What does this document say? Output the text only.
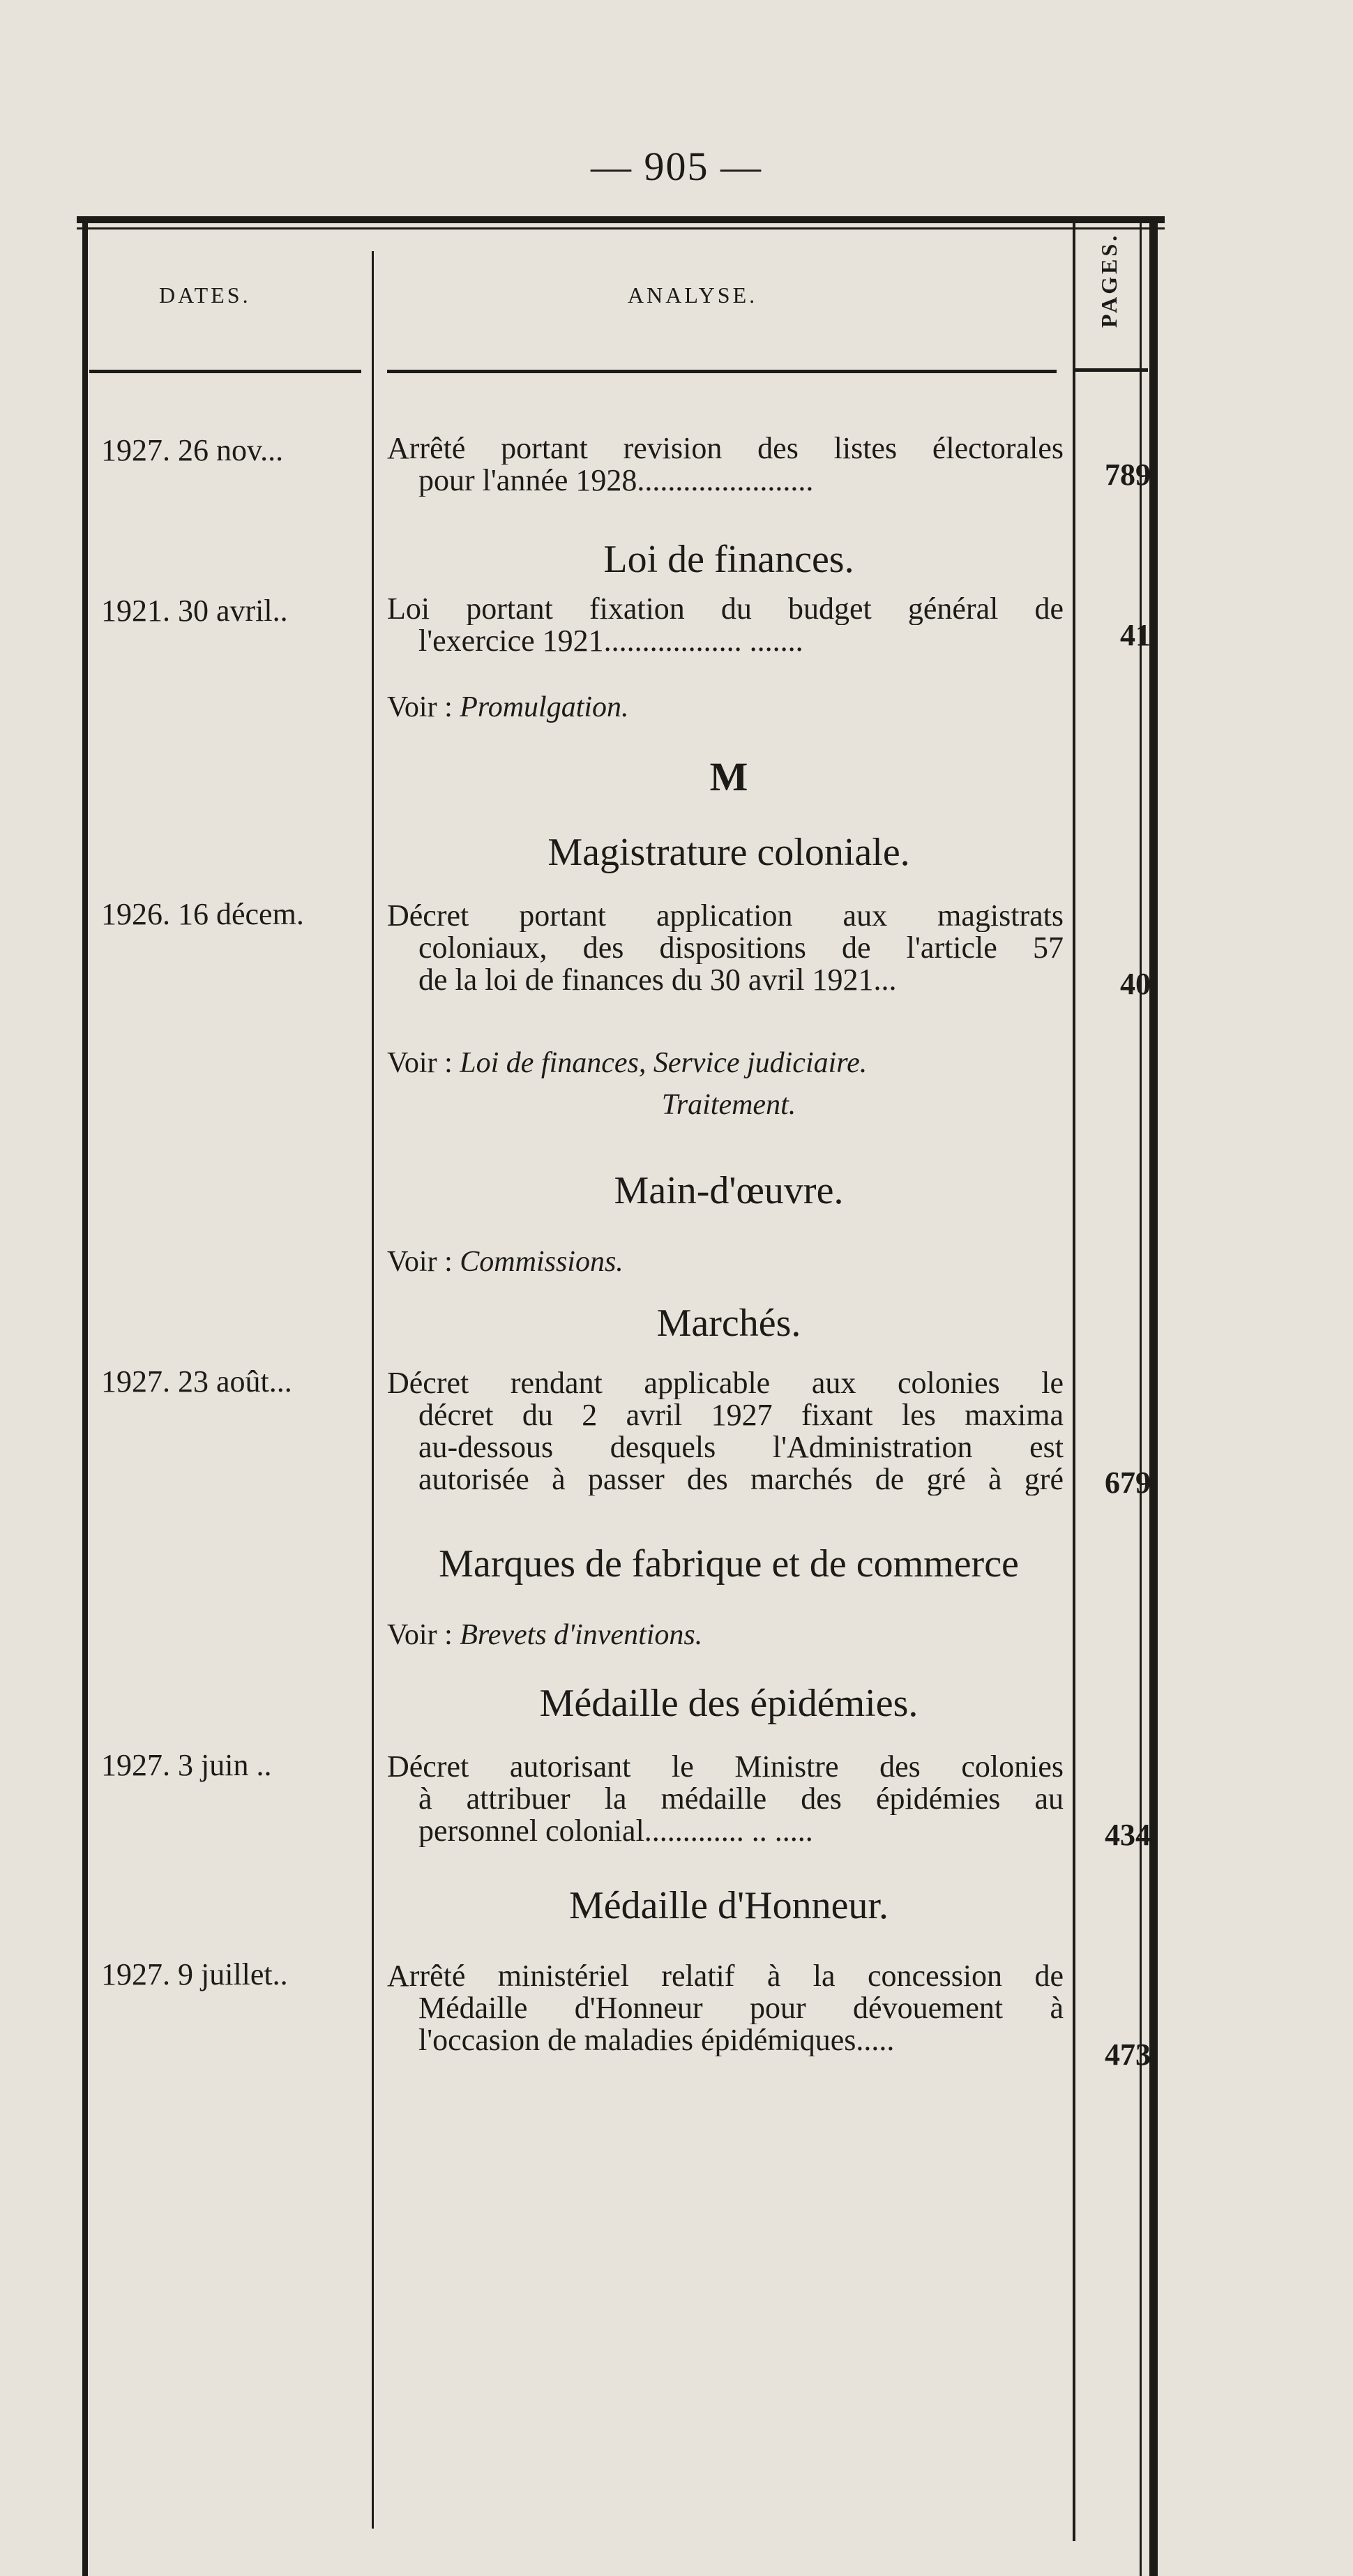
— 905 —
DATES.	ANALYSE.	PAGES.
1927. 26 nov...	Arrêté portant revision des listes électorales
pour l'année 1928.......................	789
Loi de finances.
1921. 30 avril..	Loi portant fixation du budget général de
l'exercice 1921.................. .......	41
Voir : Promulgation.
M
Magistrature coloniale.
1926. 16 décem.	Décret portant application aux magistrats
coloniaux, des dispositions de l'article 57
de la loi de finances du 30 avril 1921...	40
Voir : Loi de finances, Service judiciaire.
Traitement.
Main-d'œuvre.
Voir : Commissions.
Marchés.
1927. 23 août...	Décret rendant applicable aux colonies le
décret du 2 avril 1927 fixant les maxima
au-dessous desquels l'Administration est
autorisée à passer des marchés de gré à gré 679
Marques de fabrique et de commerce
Voir : Brevets d'inventions.
Médaille des épidémies.
1927. 3 juin ..	Décret autorisant le Ministre des colonies
à attribuer la médaille des épidémies au
personnel colonial............. .. .....	434
Médaille d'Honneur.
1927. 9 juillet..	Arrêté ministériel relatif à la concession de
Médaille d'Honneur pour dévouement à
l'occasion de maladies épidémiques.....	473
